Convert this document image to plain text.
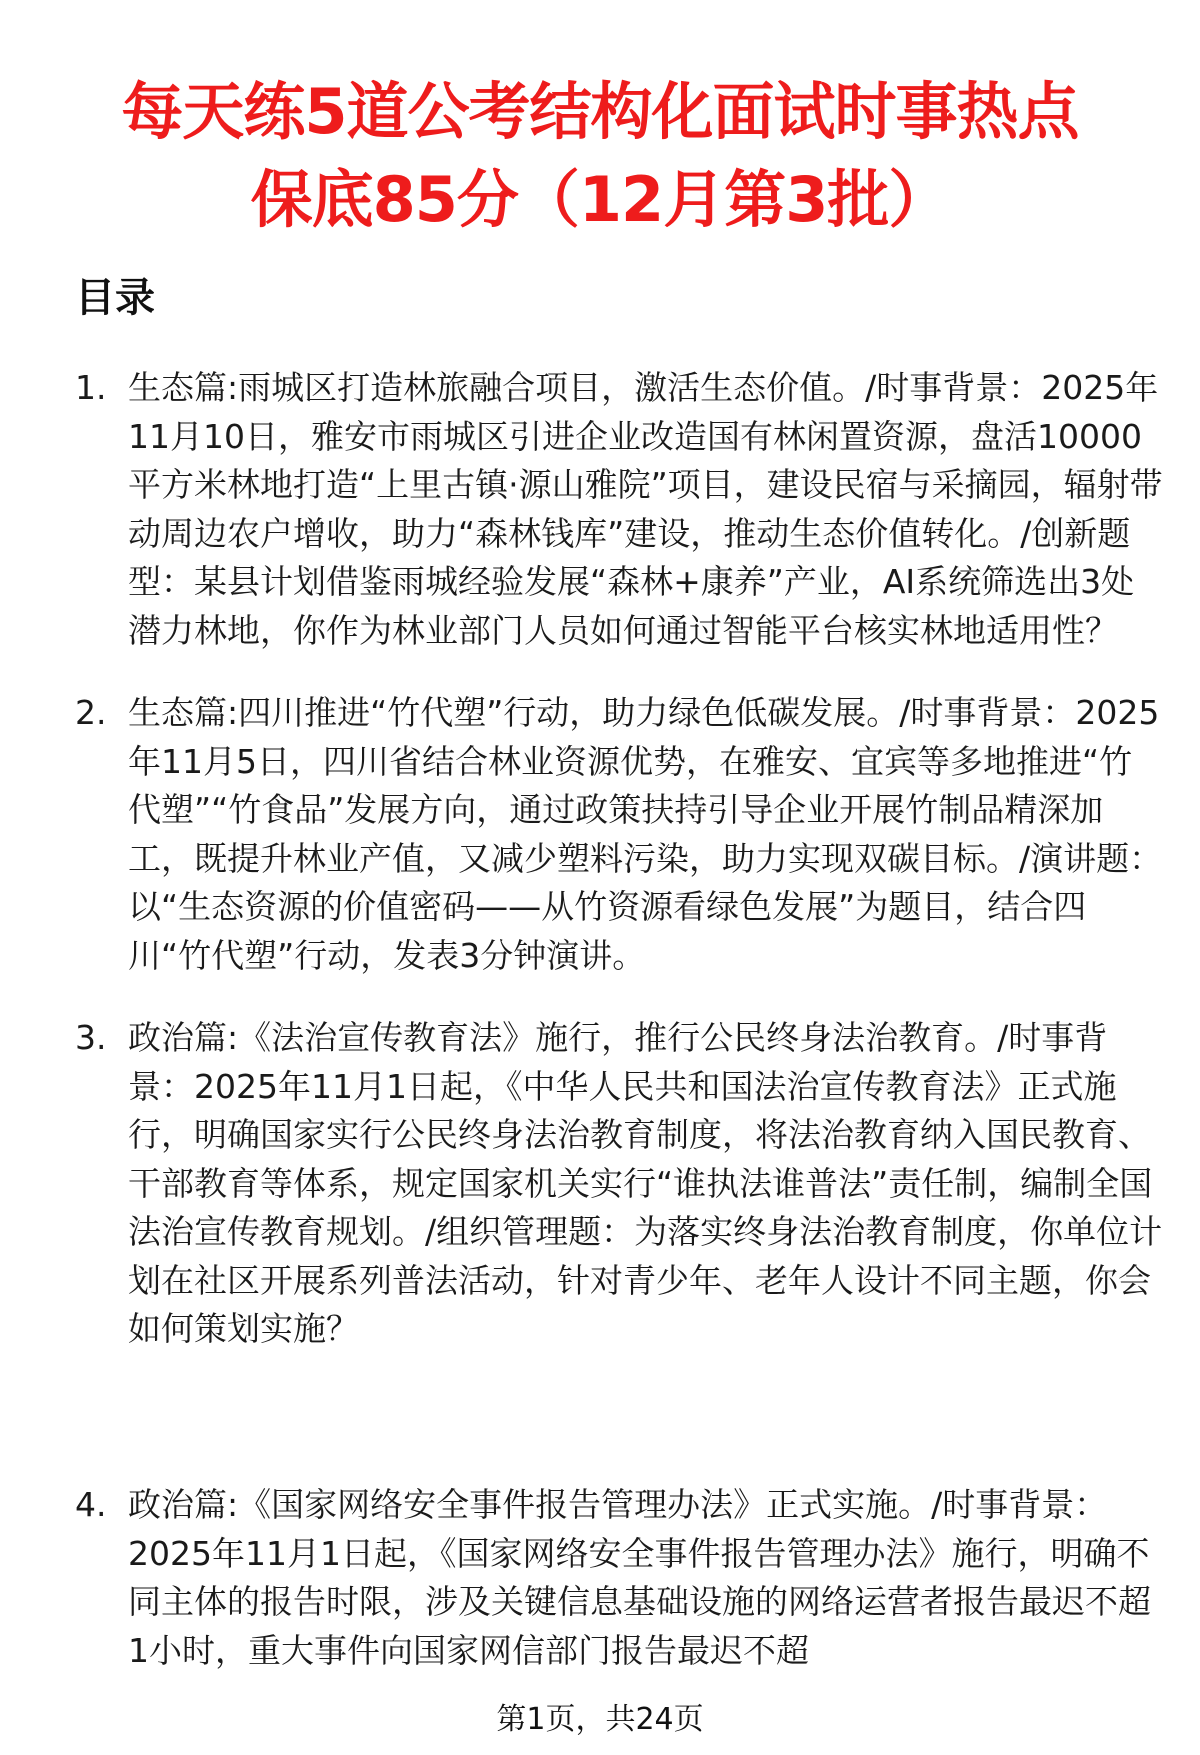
每天练5道公考结构化面试时事热点
保底85分（12月第3批）
目录
1. 生态篇:雨城区打造林旅融合项目，激活生态价值。/时事背景：2025年11月10日，雅安市雨城区引进企业改造国有林闲置资源，盘活10000平方米林地打造“上里古镇·源山雅院”项目，建设民宿与采摘园，辐射带动周边农户增收，助力“森林钱库”建设，推动生态价值转化。/创新题型：某县计划借鉴雨城经验发展“森林+康养”产业，AI系统筛选出3处潜力林地，你作为林业部门人员如何通过智能平台核实林地适用性？
2. 生态篇:四川推进“竹代塑”行动，助力绿色低碳发展。/时事背景：2025年11月5日，四川省结合林业资源优势，在雅安、宜宾等多地推进“竹代塑”“竹食品”发展方向，通过政策扶持引导企业开展竹制品精深加工，既提升林业产值，又减少塑料污染，助力实现双碳目标。/演讲题：以“生态资源的价值密码——从竹资源看绿色发展”为题目，结合四川“竹代塑”行动，发表3分钟演讲。
3. 政治篇:《法治宣传教育法》施行，推行公民终身法治教育。/时事背景：2025年11月1日起，《中华人民共和国法治宣传教育法》正式施行，明确国家实行公民终身法治教育制度，将法治教育纳入国民教育、干部教育等体系，规定国家机关实行“谁执法谁普法”责任制，编制全国法治宣传教育规划。/组织管理题：为落实终身法治教育制度，你单位计划在社区开展系列普法活动，针对青少年、老年人设计不同主题，你会如何策划实施？
4. 政治篇:《国家网络安全事件报告管理办法》正式实施。/时事背景：2025年11月1日起，《国家网络安全事件报告管理办法》施行，明确不同主体的报告时限，涉及关键信息基础设施的网络运营者报告最迟不超1小时，重大事件向国家网信部门报告最迟不超
第1页，共24页
